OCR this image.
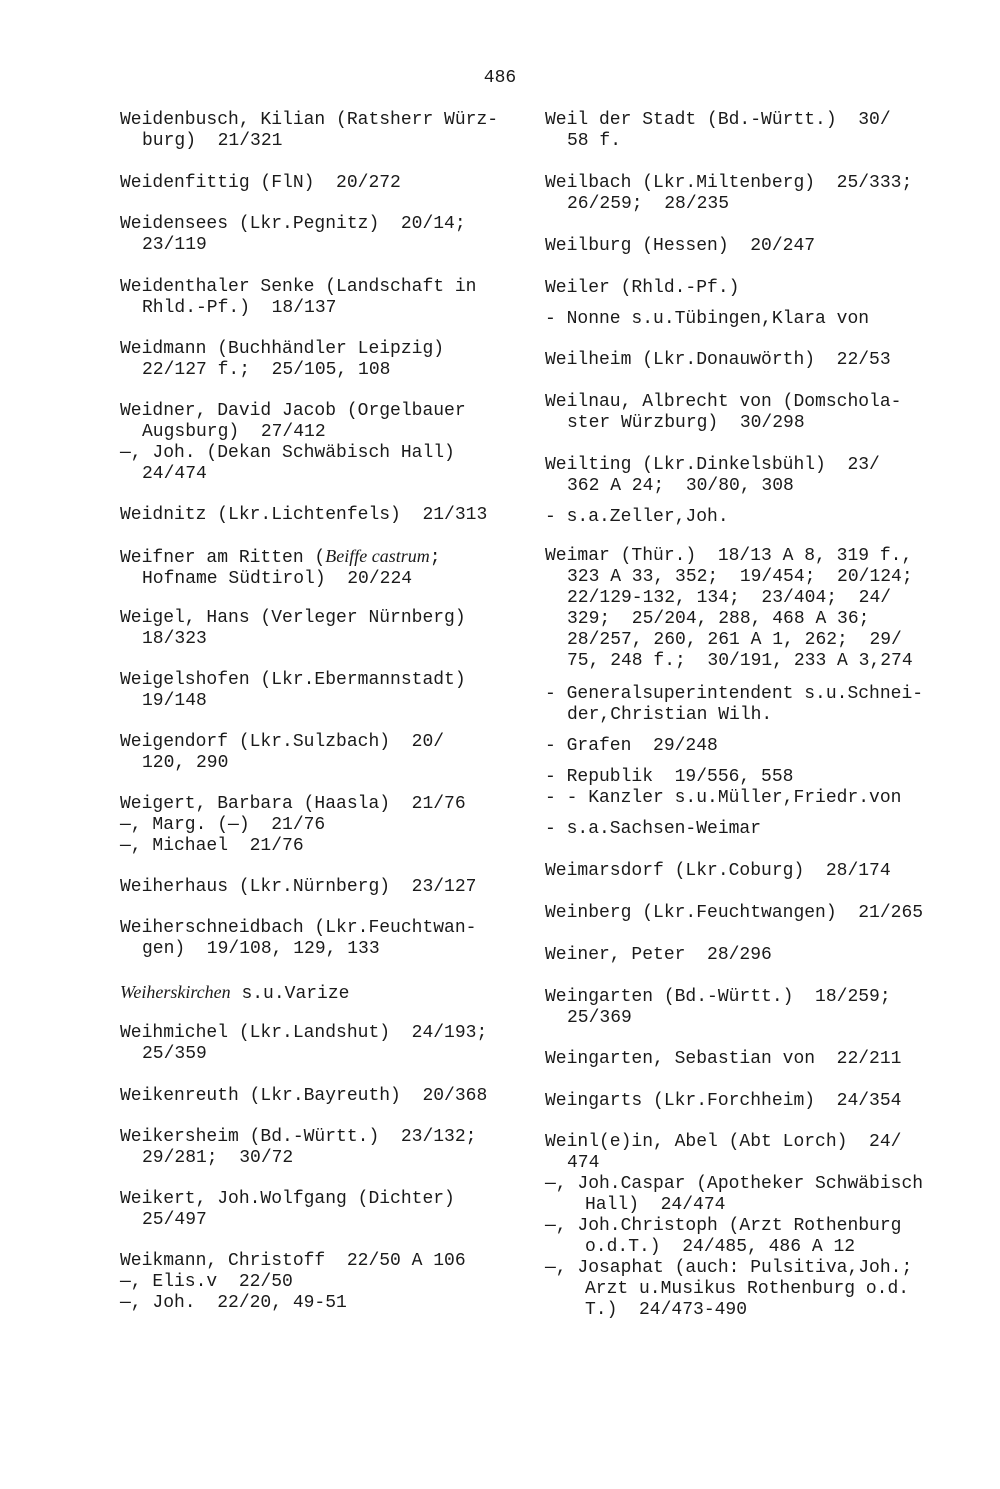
486
Weidenbusch, Kilian (Ratsherr Würz-
burg)  21/321
Weidenfittig (FlN)  20/272
Weidensees (Lkr.Pegnitz)  20/14;
23/119
Weidenthaler Senke (Landschaft in
Rhld.-Pf.)  18/137
Weidmann (Buchhändler Leipzig)
22/127 f.;  25/105, 108
Weidner, David Jacob (Orgelbauer
Augsburg)  27/412
—, Joh. (Dekan Schwäbisch Hall)
24/474
Weidnitz (Lkr.Lichtenfels)  21/313
Weifner am Ritten (Beiffe castrum;
Hofname Südtirol)  20/224
Weigel, Hans (Verleger Nürnberg)
18/323
Weigelshofen (Lkr.Ebermannstadt)
19/148
Weigendorf (Lkr.Sulzbach)  20/
120, 290
Weigert, Barbara (Haasla)  21/76
—, Marg. (—)  21/76
—, Michael  21/76
Weiherhaus (Lkr.Nürnberg)  23/127
Weiherschneidbach (Lkr.Feuchtwan-
gen)  19/108, 129, 133
Weiherskirchen s.u.Varize
Weihmichel (Lkr.Landshut)  24/193;
25/359
Weikenreuth (Lkr.Bayreuth)  20/368
Weikersheim (Bd.-Württ.)  23/132;
29/281;  30/72
Weikert, Joh.Wolfgang (Dichter)
25/497
Weikmann, Christoff  22/50 A 106
—, Elis.v  22/50
—, Joh.  22/20, 49-51
Weil der Stadt (Bd.-Württ.)  30/
58 f.
Weilbach (Lkr.Miltenberg)  25/333;
26/259;  28/235
Weilburg (Hessen)  20/247
Weiler (Rhld.-Pf.)
- Nonne s.u.Tübingen,Klara von
Weilheim (Lkr.Donauwörth)  22/53
Weilnau, Albrecht von (Domschola-
ster Würzburg)  30/298
Weilting (Lkr.Dinkelsbühl)  23/
362 A 24;  30/80, 308
- s.a.Zeller,Joh.
Weimar (Thür.)  18/13 A 8, 319 f.,
323 A 33, 352;  19/454;  20/124;
22/129-132, 134;  23/404;  24/
329;  25/204, 288, 468 A 36;
28/257, 260, 261 A 1, 262;  29/
75, 248 f.;  30/191, 233 A 3,274
- Generalsuperintendent s.u.Schnei-
der,Christian Wilh.
- Grafen  29/248
- Republik  19/556, 558
- - Kanzler s.u.Müller,Friedr.von
- s.a.Sachsen-Weimar
Weimarsdorf (Lkr.Coburg)  28/174
Weinberg (Lkr.Feuchtwangen)  21/265
Weiner, Peter  28/296
Weingarten (Bd.-Württ.)  18/259;
25/369
Weingarten, Sebastian von  22/211
Weingarts (Lkr.Forchheim)  24/354
Weinl(e)in, Abel (Abt Lorch)  24/
474
—, Joh.Caspar (Apotheker Schwäbisch
Hall)  24/474
—, Joh.Christoph (Arzt Rothenburg
o.d.T.)  24/485, 486 A 12
—, Josaphat (auch: Pulsitiva,Joh.;
Arzt u.Musikus Rothenburg o.d.
T.)  24/473-490
